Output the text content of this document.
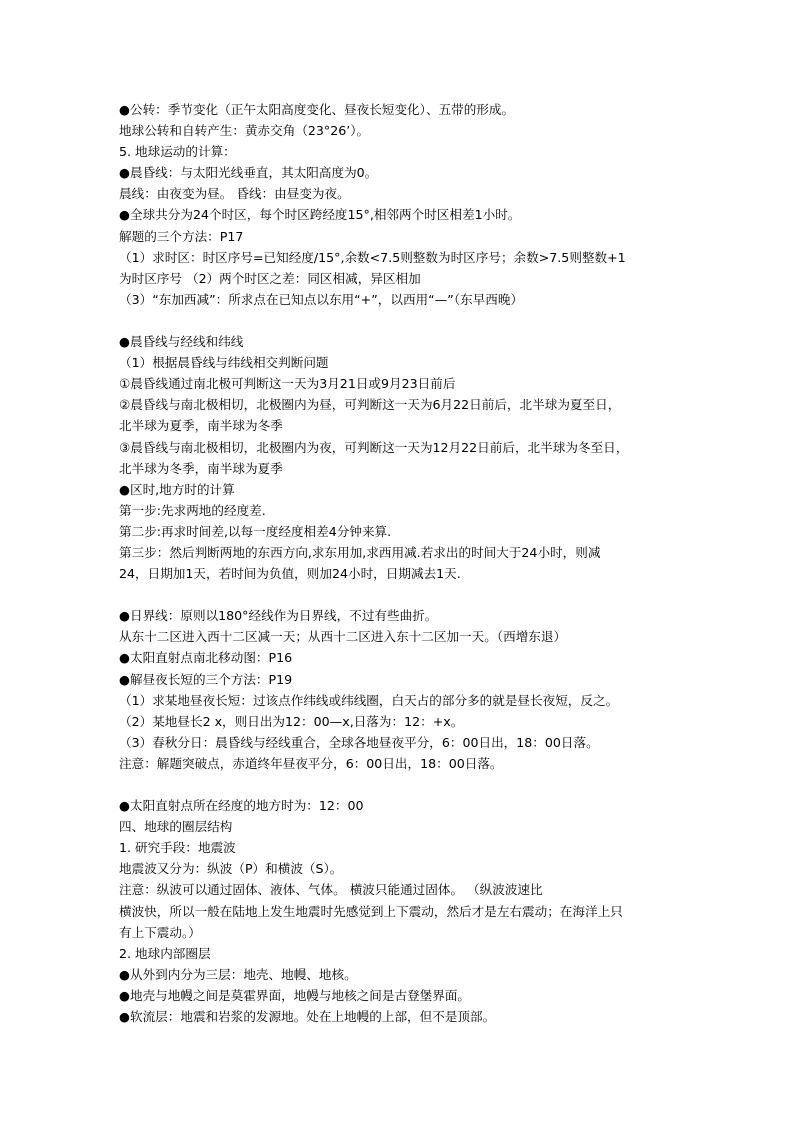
●公转：季节变化（正午太阳高度变化、昼夜长短变化）、五带的形成。
地球公转和自转产生：黄赤交角（23°26’）。
5. 地球运动的计算：
●晨昏线：与太阳光线垂直，其太阳高度为0。
晨线：由夜变为昼。 昏线：由昼变为夜。
●全球共分为24个时区，每个时区跨经度15°,相邻两个时区相差1小时。
解题的三个方法：P17
（1）求时区：时区序号=已知经度/15°,余数<7.5则整数为时区序号；余数>7.5则整数+1
为时区序号 （2）两个时区之差：同区相减，异区相加
（3）“东加西减”：所求点在已知点以东用“+”，以西用“—”（东早西晚）
●晨昏线与经线和纬线
（1）根据晨昏线与纬线相交判断问题
①晨昏线通过南北极可判断这一天为3月21日或9月23日前后
②晨昏线与南北极相切，北极圈内为昼，可判断这一天为6月22日前后，北半球为夏至日，
北半球为夏季，南半球为冬季
③晨昏线与南北极相切，北极圈内为夜，可判断这一天为12月22日前后，北半球为冬至日，
北半球为冬季，南半球为夏季
●区时,地方时的计算
第一步:先求两地的经度差.
第二步:再求时间差,以每一度经度相差4分钟来算.
第三步：然后判断两地的东西方向,求东用加,求西用减.若求出的时间大于24小时，则减
24，日期加1天，若时间为负值，则加24小时，日期减去1天.
●日界线：原则以180°经线作为日界线，不过有些曲折。
从东十二区进入西十二区减一天；从西十二区进入东十二区加一天。（西增东退）
●太阳直射点南北移动图：P16
●解昼夜长短的三个方法：P19
（1）求某地昼夜长短：过该点作纬线或纬线圈，白天占的部分多的就是昼长夜短，反之。
（2）某地昼长2 x，则日出为12：00—x,日落为：12：+x。
（3）春秋分日：晨昏线与经线重合，全球各地昼夜平分，6：00日出，18：00日落。
注意：解题突破点，赤道终年昼夜平分，6：00日出，18：00日落。
●太阳直射点所在经度的地方时为：12：00
四、地球的圈层结构
1. 研究手段：地震波
地震波又分为：纵波（P）和横波（S）。
注意：纵波可以通过固体、液体、气体。 横波只能通过固体。 （纵波波速比
横波快，所以一般在陆地上发生地震时先感觉到上下震动，然后才是左右震动；在海洋上只
有上下震动。）
2. 地球内部圈层
●从外到内分为三层：地壳、地幔、地核。
●地壳与地幔之间是莫霍界面，地幔与地核之间是古登堡界面。
●软流层：地震和岩浆的发源地。处在上地幔的上部，但不是顶部。
